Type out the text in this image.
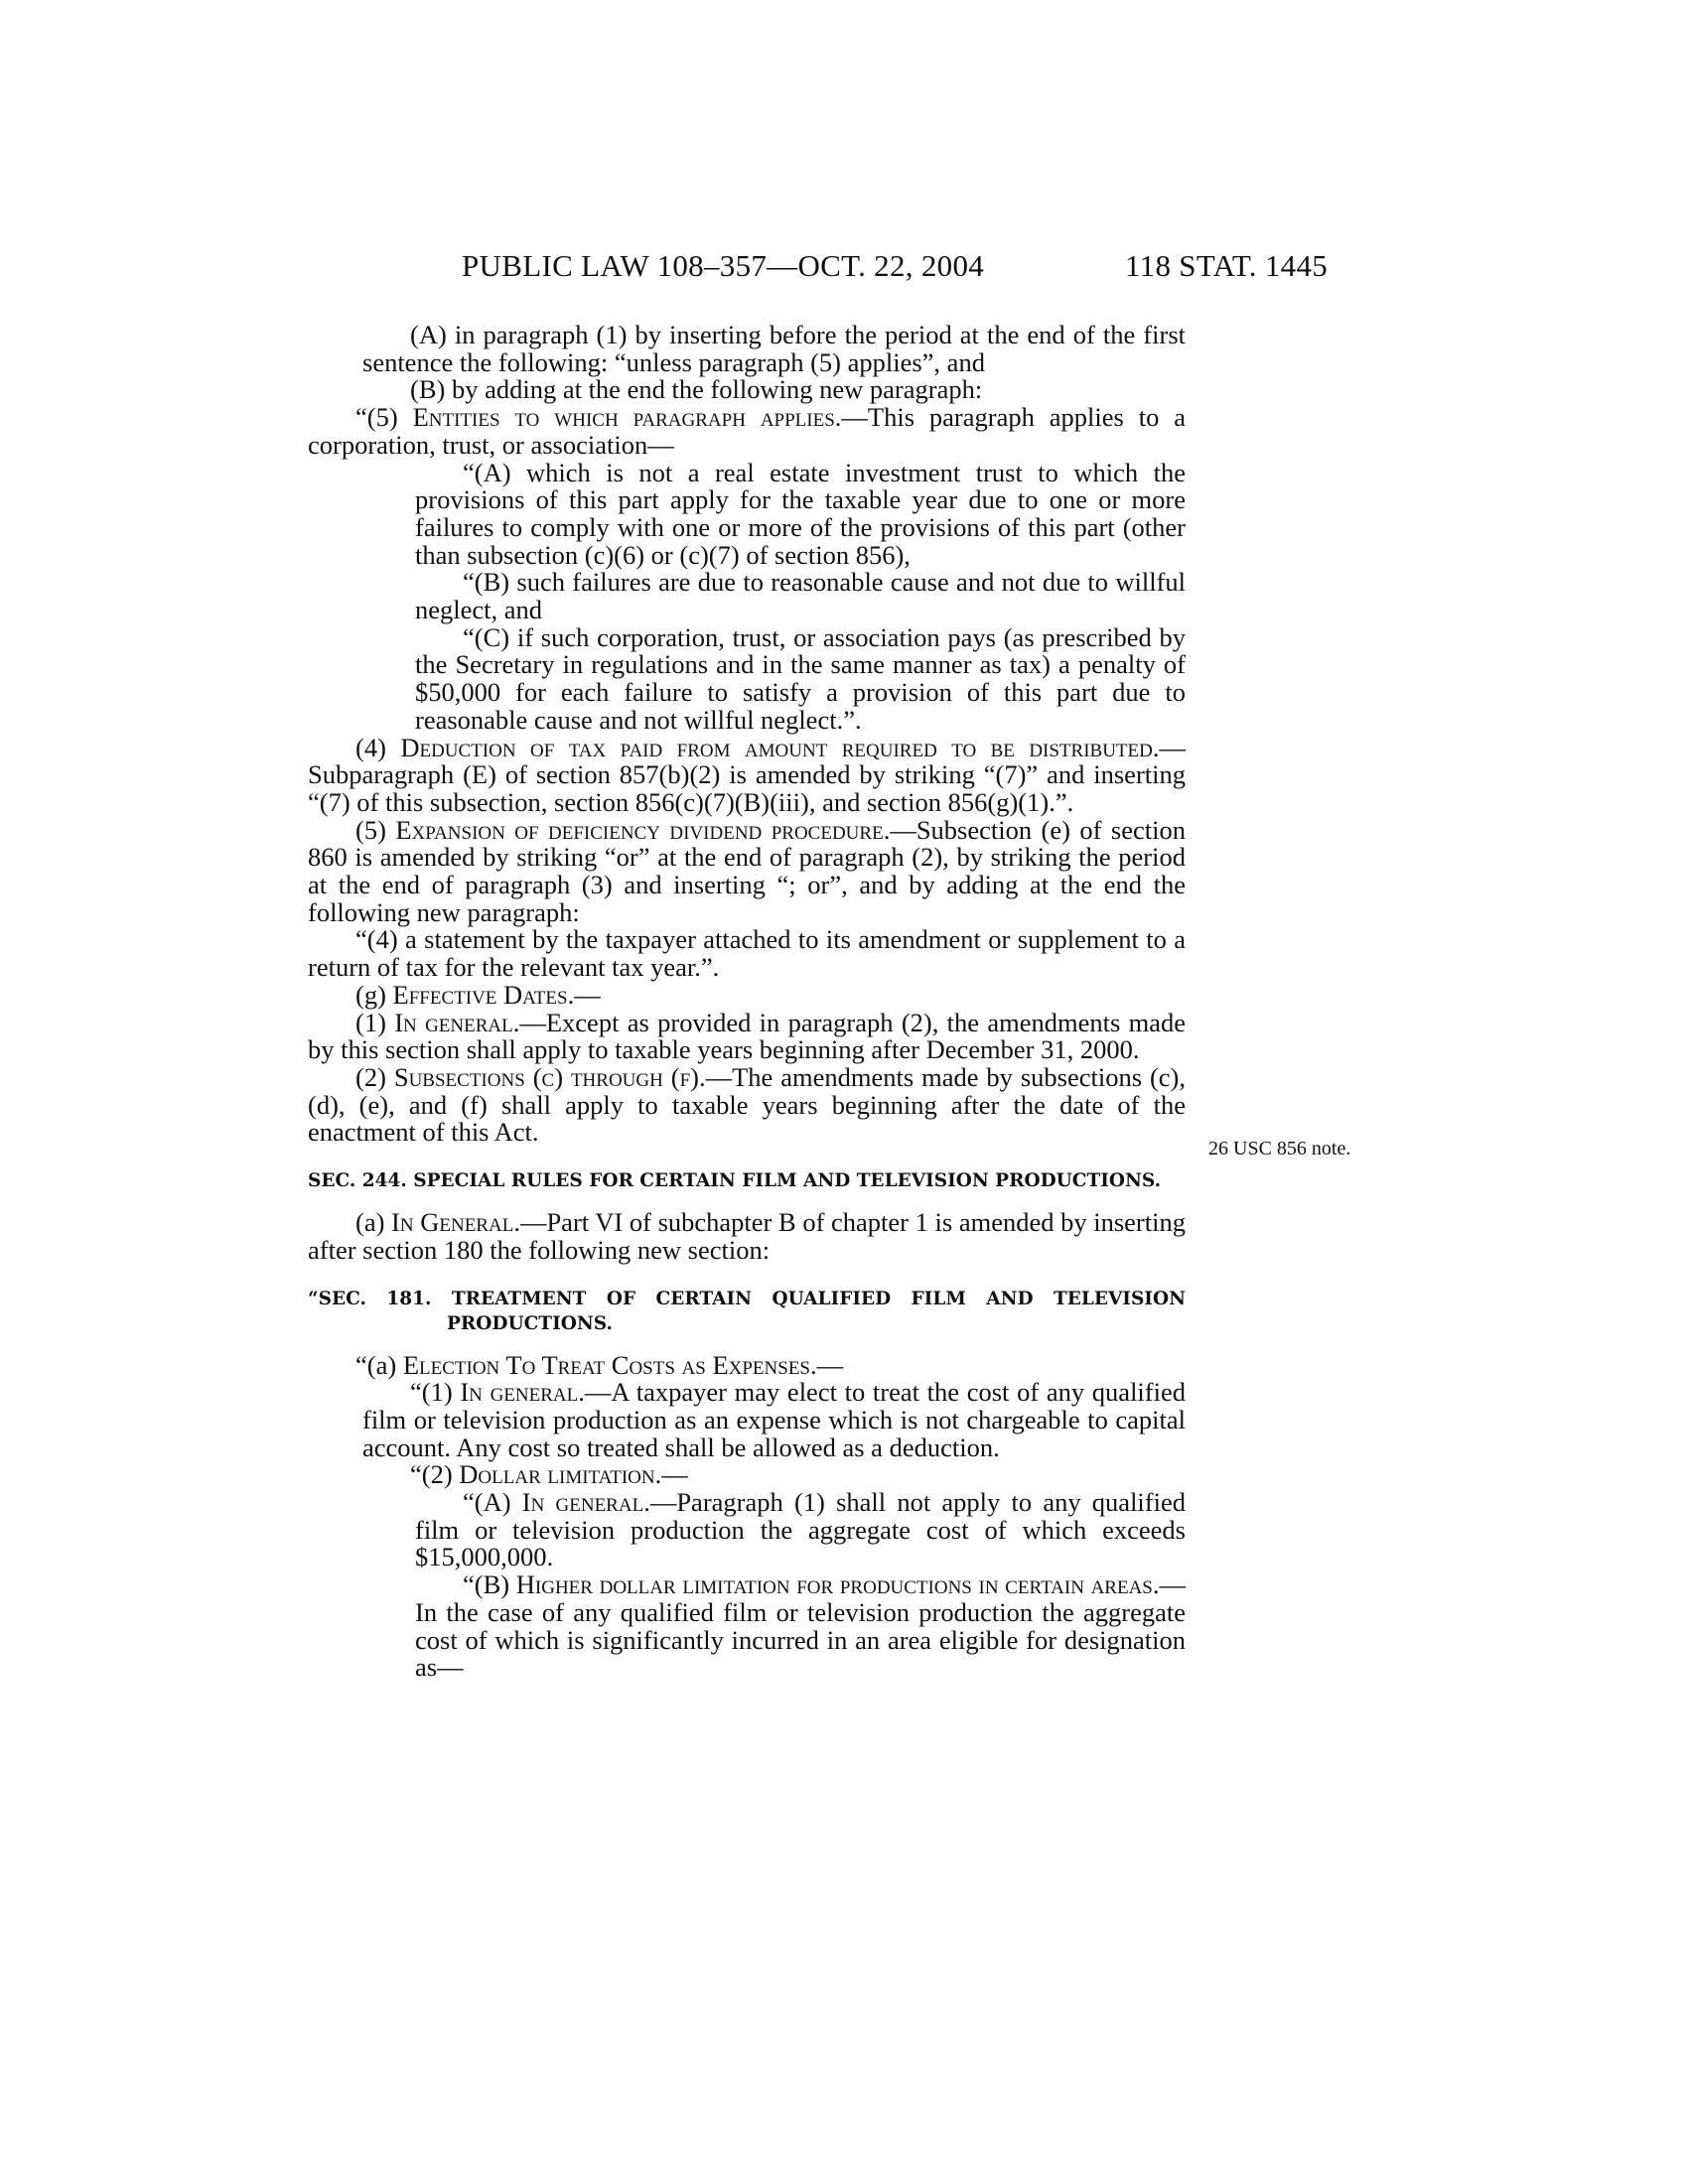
PUBLIC LAW 108–357—OCT. 22, 2004	118 STAT. 1445

(A) in paragraph (1) by inserting before the period at the end of the first sentence the following: “unless paragraph (5) applies”, and

(B) by adding at the end the following new paragraph:

“(5) Entities to which paragraph applies.—This paragraph applies to a corporation, trust, or association—

“(A) which is not a real estate investment trust to which the provisions of this part apply for the taxable year due to one or more failures to comply with one or more of the provisions of this part (other than subsection (c)(6) or (c)(7) of section 856),

“(B) such failures are due to reasonable cause and not due to willful neglect, and

“(C) if such corporation, trust, or association pays (as prescribed by the Secretary in regulations and in the same manner as tax) a penalty of $50,000 for each failure to satisfy a provision of this part due to reasonable cause and not willful neglect.”.

(4) Deduction of tax paid from amount required to be distributed.—Subparagraph (E) of section 857(b)(2) is amended by striking “(7)” and inserting “(7) of this subsection, section 856(c)(7)(B)(iii), and section 856(g)(1).”.

(5) Expansion of deficiency dividend procedure.—Subsection (e) of section 860 is amended by striking “or” at the end of paragraph (2), by striking the period at the end of paragraph (3) and inserting “; or”, and by adding at the end the following new paragraph:

“(4) a statement by the taxpayer attached to its amendment or supplement to a return of tax for the relevant tax year.”.

(g) Effective Dates.—

(1) In general.—Except as provided in paragraph (2), the amendments made by this section shall apply to taxable years beginning after December 31, 2000.

(2) Subsections (c) through (f).—The amendments made by subsections (c), (d), (e), and (f) shall apply to taxable years beginning after the date of the enactment of this Act.

SEC. 244. SPECIAL RULES FOR CERTAIN FILM AND TELEVISION PRODUCTIONS.

(a) In General.—Part VI of subchapter B of chapter 1 is amended by inserting after section 180 the following new section:

“SEC. 181. TREATMENT OF CERTAIN QUALIFIED FILM AND TELEVISION PRODUCTIONS.

“(a) Election To Treat Costs as Expenses.—

“(1) In general.—A taxpayer may elect to treat the cost of any qualified film or television production as an expense which is not chargeable to capital account. Any cost so treated shall be allowed as a deduction.

“(2) Dollar limitation.—

“(A) In general.—Paragraph (1) shall not apply to any qualified film or television production the aggregate cost of which exceeds $15,000,000.

“(B) Higher dollar limitation for productions in certain areas.—In the case of any qualified film or television production the aggregate cost of which is significantly incurred in an area eligible for designation as—

26 USC 856 note.
